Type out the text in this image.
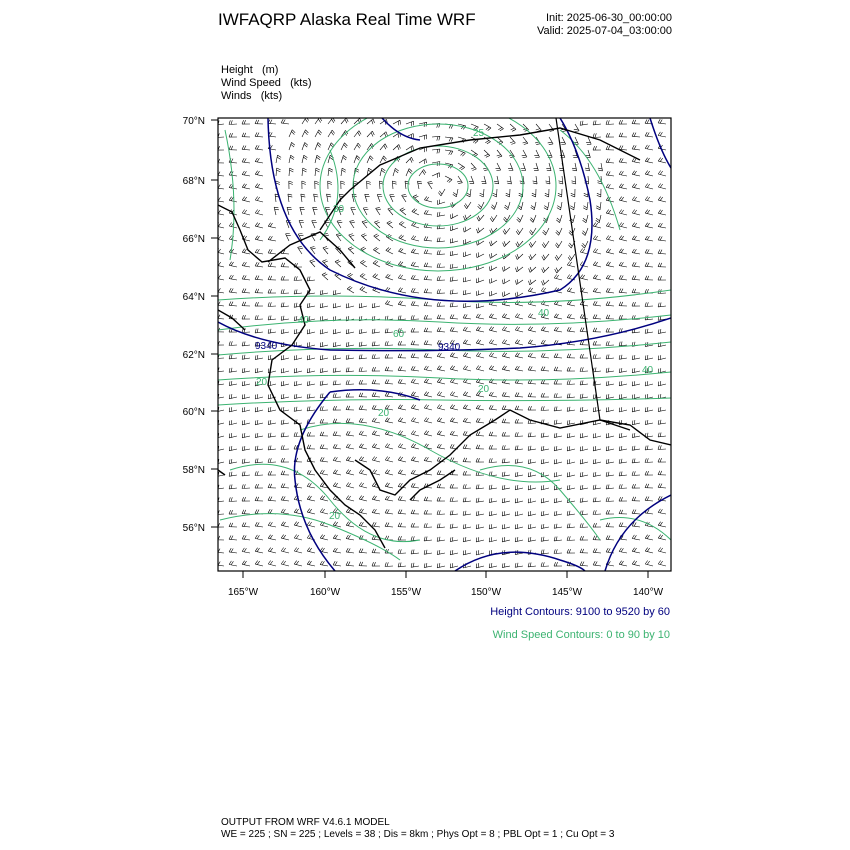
IWFAQRP Alaska Real Time WRF	Init: 2025-06-30_00:00:00
Valid: 2025-07-04_03:00:00
Height   (m)
Wind Speed   (kts)
Winds   (kts)
9340	9340
25
30
40
60
40
40
20
20
20
20
70°N
68°N
66°N
64°N
62°N
60°N
58°N
56°N
165°W	160°W	155°W	150°W	145°W	140°W
Height Contours: 9100 to 9520 by 60
Wind Speed Contours: 0 to 90 by 10
OUTPUT FROM WRF V4.6.1 MODEL
WE = 225 ; SN = 225 ; Levels = 38 ; Dis = 8km ; Phys Opt = 8 ; PBL Opt = 1 ; Cu Opt = 3
